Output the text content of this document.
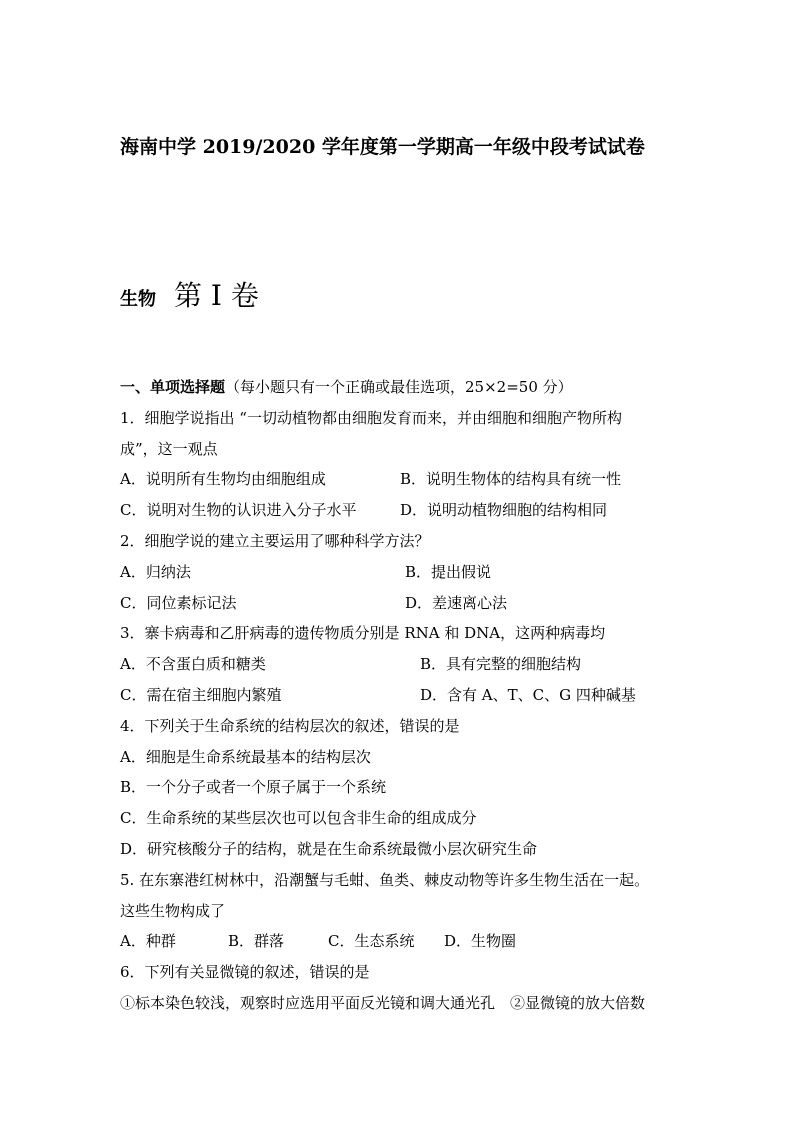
海南中学 2019/2020 学年度第一学期高一年级中段考试试卷
生物 第 I 卷
一、单项选择题（每小题只有一个正确或最佳选项，25×2=50 分）
1．细胞学说指出 “一切动植物都由细胞发育而来，并由细胞和细胞产物所构
成”，这一观点
A．说明所有生物均由细胞组成	B．说明生物体的结构具有统一性
C．说明对生物的认识进入分子水平	D．说明动植物细胞的结构相同
2．细胞学说的建立主要运用了哪种科学方法？
A．归纳法	B．提出假说
C．同位素标记法	D．差速离心法
3．寨卡病毒和乙肝病毒的遗传物质分别是 RNA 和 DNA，这两种病毒均
A．不含蛋白质和糖类	B．具有完整的细胞结构
C．需在宿主细胞内繁殖	D．含有 A、T、C、G 四种碱基
4．下列关于生命系统的结构层次的叙述，错误的是
A．细胞是生命系统最基本的结构层次
B．一个分子或者一个原子属于一个系统
C．生命系统的某些层次也可以包含非生命的组成成分
D．研究核酸分子的结构，就是在生命系统最微小层次研究生命
5. 在东寨港红树林中，沿潮蟹与毛蚶、鱼类、棘皮动物等许多生物生活在一起。
这些生物构成了
A．种群	B．群落	C．生态系统	D．生物圈
6．下列有关显微镜的叙述，错误的是
①标本染色较浅，观察时应选用平面反光镜和调大通光孔　②显微镜的放大倍数
